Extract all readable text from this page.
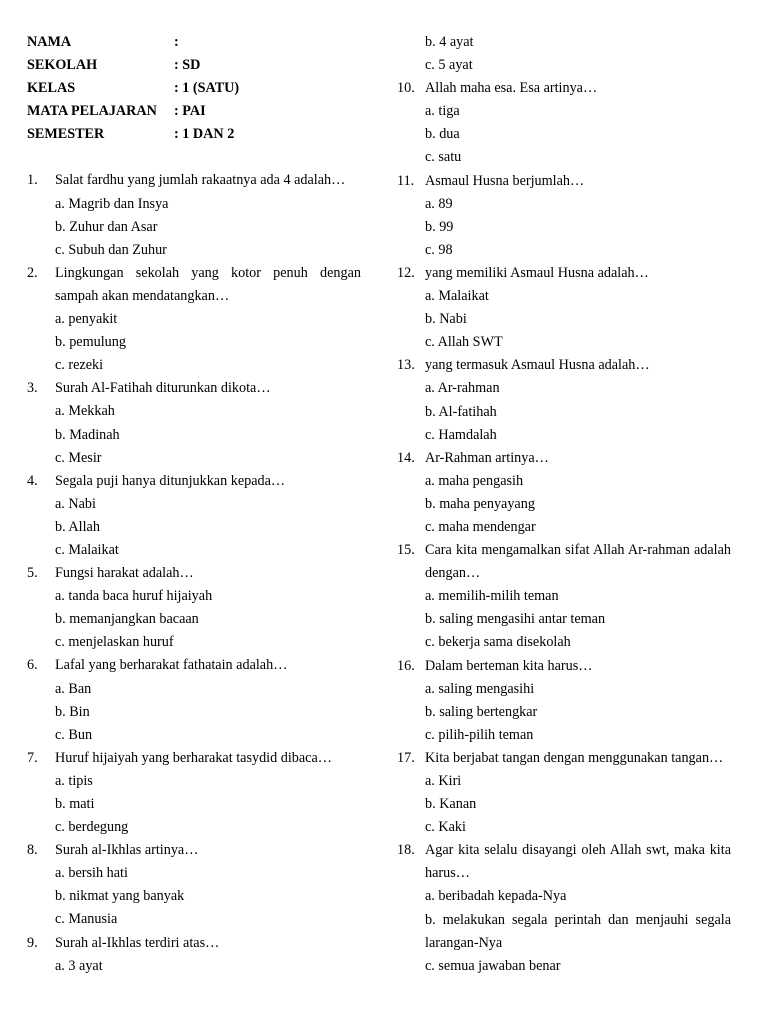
NAMA	:
SEKOLAH	: SD
KELAS	: 1 (SATU)
MATA PELAJARAN	: PAI
SEMESTER	: 1 DAN 2
1.	Salat fardhu yang jumlah rakaatnya ada 4 adalah…
a. Magrib dan Insya
b. Zuhur dan Asar
c. Subuh dan Zuhur
2.	Lingkungan sekolah yang kotor penuh dengan sampah akan mendatangkan…
a. penyakit
b. pemulung
c. rezeki
3.	Surah Al-Fatihah diturunkan dikota…
a. Mekkah
b. Madinah
c. Mesir
4.	Segala puji hanya ditunjukkan kepada…
a. Nabi
b. Allah
c. Malaikat
5.	Fungsi harakat adalah…
a. tanda baca huruf hijaiyah
b. memanjangkan bacaan
c. menjelaskan huruf
6.	Lafal yang berharakat fathatain adalah…
a. Ban
b. Bin
c. Bun
7.	Huruf hijaiyah yang berharakat tasydid dibaca…
a. tipis
b. mati
c. berdegung
8.	Surah al-Ikhlas artinya…
a. bersih hati
b. nikmat yang banyak
c. Manusia
9.	Surah al-Ikhlas terdiri atas…
a. 3 ayat
b. 4 ayat
c. 5 ayat
10. Allah maha esa. Esa artinya…
a. tiga
b. dua
c. satu
11. Asmaul Husna berjumlah…
a. 89
b. 99
c. 98
12. yang memiliki Asmaul Husna adalah…
a. Malaikat
b. Nabi
c. Allah SWT
13. yang termasuk Asmaul Husna adalah…
a. Ar-rahman
b. Al-fatihah
c. Hamdalah
14. Ar-Rahman artinya…
a. maha pengasih
b. maha penyayang
c. maha mendengar
15. Cara kita mengamalkan sifat Allah Ar-rahman adalah dengan…
a. memilih-milih teman
b. saling mengasihi antar teman
c. bekerja sama disekolah
16. Dalam berteman kita harus…
a. saling mengasihi
b. saling bertengkar
c. pilih-pilih teman
17. Kita berjabat tangan dengan menggunakan tangan…
a. Kiri
b. Kanan
c. Kaki
18. Agar kita selalu disayangi oleh Allah swt, maka kita harus…
a. beribadah kepada-Nya
b. melakukan segala perintah dan menjauhi segala larangan-Nya
c. semua jawaban benar
